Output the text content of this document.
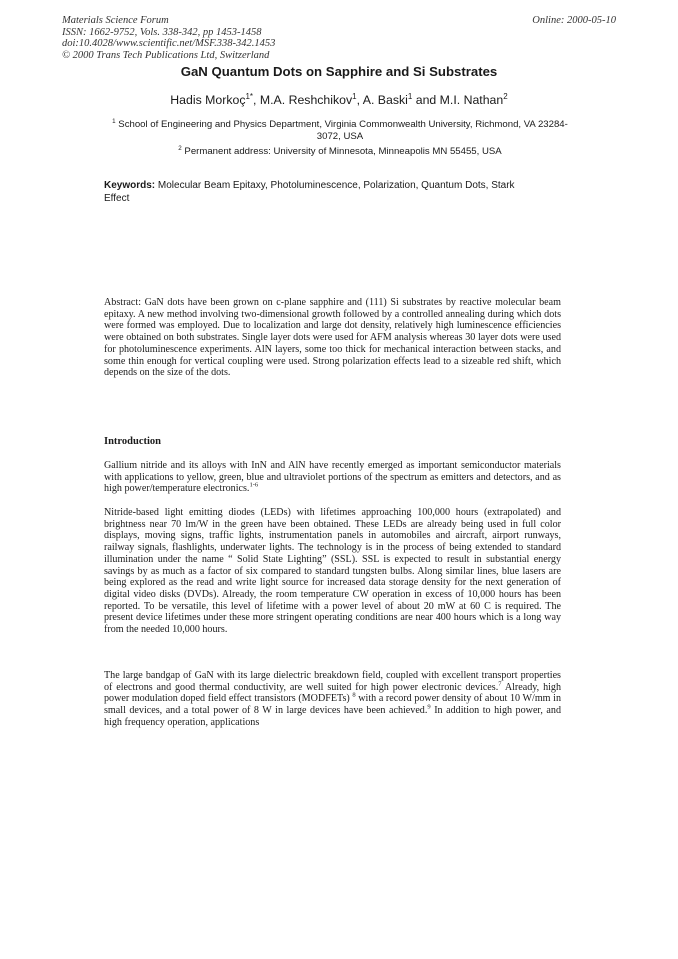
Materials Science Forum
ISSN: 1662-9752, Vols. 338-342, pp 1453-1458
doi:10.4028/www.scientific.net/MSF.338-342.1453
© 2000 Trans Tech Publications Ltd, Switzerland
Online: 2000-05-10
GaN Quantum Dots on Sapphire and Si Substrates
Hadis Morkoç$^{1*}$, M.A. Reshchikov$^1$, A. Baski$^1$ and M.I. Nathan$^2$
$^1$ School of Engineering and Physics Department, Virginia Commonwealth University, Richmond, VA 23284-3072, USA
$^2$ Permanent address: University of Minnesota, Minneapolis MN 55455, USA
Keywords: Molecular Beam Epitaxy, Photoluminescence, Polarization, Quantum Dots, Stark Effect
Abstract: GaN dots have been grown on c-plane sapphire and (111) Si substrates by reactive molecular beam epitaxy. A new method involving two-dimensional growth followed by a controlled annealing during which dots were formed was employed. Due to localization and large dot density, relatively high luminescence efficiencies were obtained on both substrates. Single layer dots were used for AFM analysis whereas 30 layer dots were used for photoluminescence experiments. AlN layers, some too thick for mechanical interaction between stacks, and some thin enough for vertical coupling were used. Strong polarization effects lead to a sizeable red shift, which depends on the size of the dots.
Introduction
Gallium nitride and its alloys with InN and AlN have recently emerged as important semiconductor materials with applications to yellow, green, blue and ultraviolet portions of the spectrum as emitters and detectors, and as high power/temperature electronics.$^{1-6}$
Nitride-based light emitting diodes (LEDs) with lifetimes approaching 100,000 hours (extrapolated) and brightness near 70 lm/W in the green have been obtained. These LEDs are already being used in full color displays, moving signs, traffic lights, instrumentation panels in automobiles and aircraft, airport runways, railway signals, flashlights, underwater lights. The technology is in the process of being extended to standard illumination under the name “ Solid State Lighting” (SSL). SSL is expected to result in substantial energy savings by as much as a factor of six compared to standard tungsten bulbs. Along similar lines, blue lasers are being explored as the read and write light source for increased data storage density for the next generation of digital video disks (DVDs). Already, the room temperature CW operation in excess of 10,000 hours has been reported. To be versatile, this level of lifetime with a power level of about 20 mW at 60 C is required. The present device lifetimes under these more stringent operating conditions are near 400 hours which is a long way from the needed 10,000 hours.
The large bandgap of GaN with its large dielectric breakdown field, coupled with excellent transport properties of electrons and good thermal conductivity, are well suited for high power electronic devices.$^7$ Already, high power modulation doped field effect transistors (MODFETs) $^8$ with a record power density of about 10 W/mm in small devices, and a total power of 8 W in large devices have been achieved.$^9$ In addition to high power, and high frequency operation, applications
